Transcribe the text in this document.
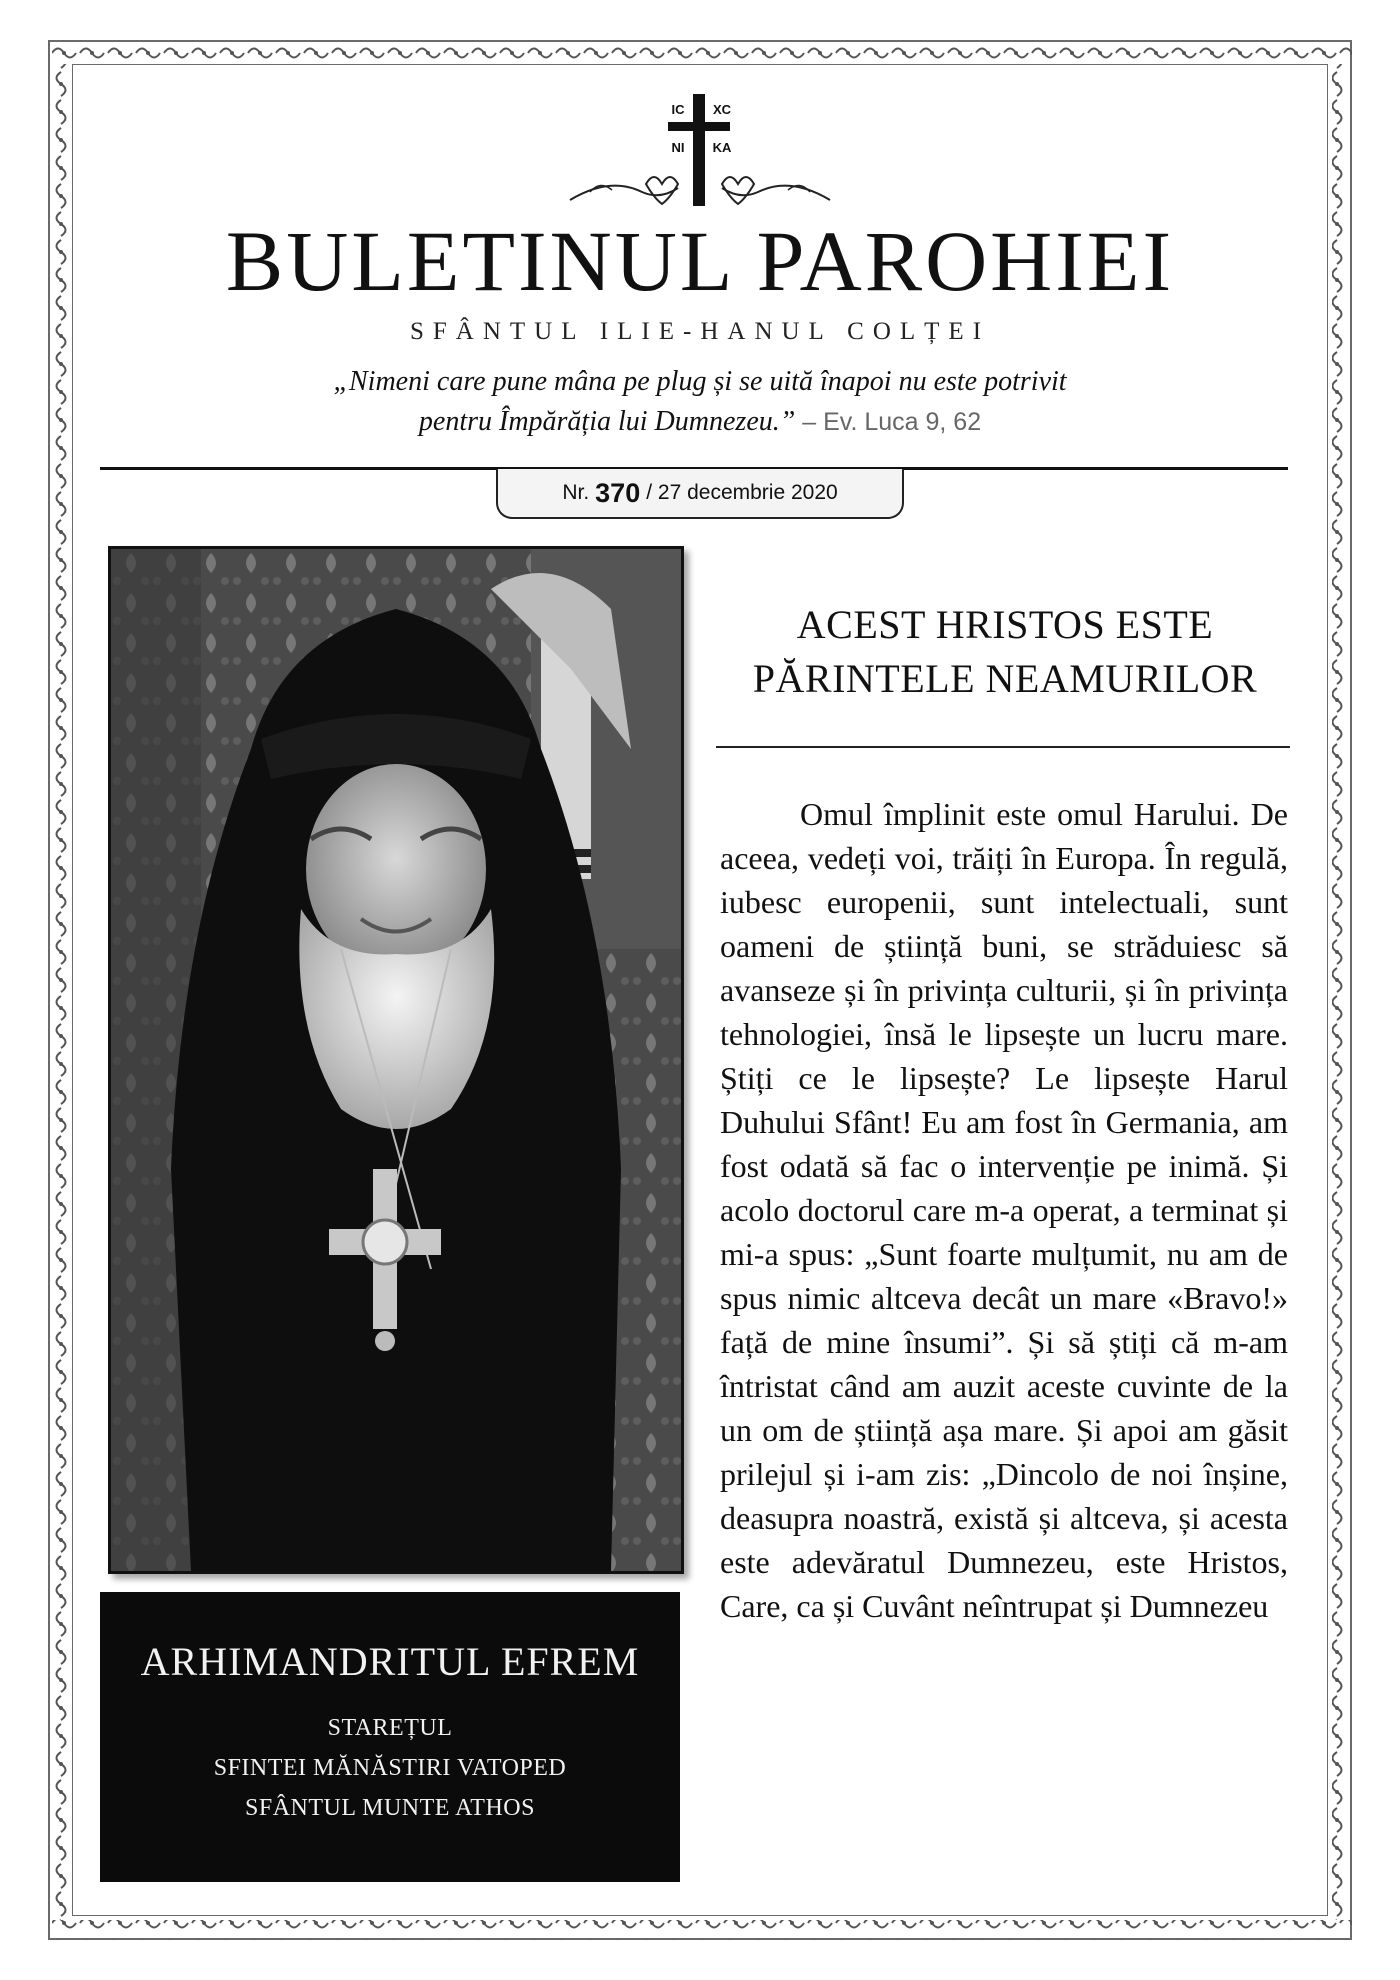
IC XC
NI KA
BULETINUL PAROHIEI
SFÂNTUL ILIE-HANUL COLȚEI
„Nimeni care pune mâna pe plug și se uită înapoi nu este potrivit
pentru Împărăția lui Dumnezeu.” – Ev. Luca 9, 62
Nr. 370 / 27 decembrie 2020
ARHIMANDRITUL EFREM
STAREȚUL
SFINTEI MĂNĂSTIRI VATOPED
SFÂNTUL MUNTE ATHOS
ACEST HRISTOS ESTE
PĂRINTELE NEAMURILOR

Omul împlinit este omul Harului. De aceea, vedeți voi, trăiți în Europa. În regulă, iubesc europenii, sunt intelectuali, sunt oameni de știință buni, se străduiesc să avanseze și în privința culturii, și în privința tehnologiei, însă le lipsește un lucru mare. Știți ce le lipsește? Le lipsește Harul Duhului Sfânt! Eu am fost în Germania, am fost odată să fac o intervenție pe inimă. Și acolo doctorul care m-a operat, a terminat și mi-a spus: „Sunt foarte mulțumit, nu am de spus nimic altceva decât un mare «Bravo!» față de mine însumi”. Și să știți că m-am întristat când am auzit aceste cuvinte de la un om de știință așa mare. Și apoi am găsit prilejul și i-am zis: „Dincolo de noi înșine, deasupra noastră, există și altceva, și acesta este adevăratul Dumnezeu, este Hristos, Care, ca și Cuvânt neîntrupat și Dumnezeu
